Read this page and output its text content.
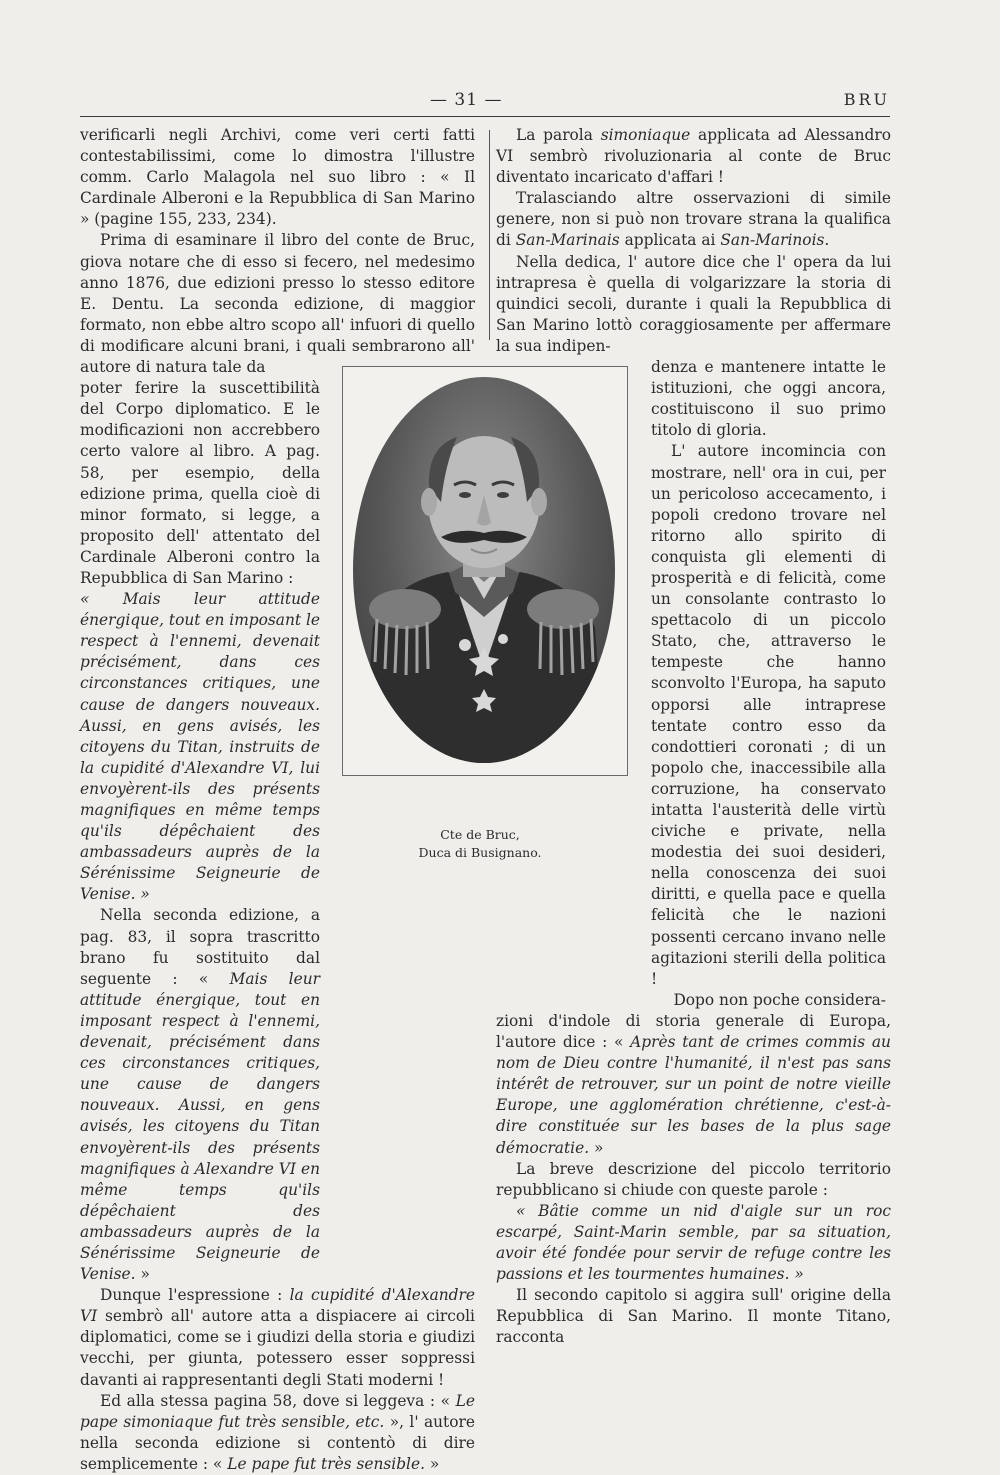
— 31 —	BRU

verificarli negli Archivi, come veri certi fatti contestabilissimi, come lo dimostra l'illustre comm. Carlo Malagola nel suo libro : « Il Cardinale Alberoni e la Repubblica di San Marino » (pagine 155, 233, 234).

Prima di esaminare il libro del conte de Bruc, giova notare che di esso si fecero, nel medesimo anno 1876, due edizioni presso lo stesso editore E. Dentu. La seconda edizione, di maggior formato, non ebbe altro scopo all' infuori di quello di modificare alcuni brani, i quali sembrarono all' autore di natura tale da

poter ferire la suscettibilità del Corpo diplomatico. E le modificazioni non accrebbero certo valore al libro. A pag. 58, per esempio, della edizione prima, quella cioè di minor formato, si legge, a proposito dell' attentato del Cardinale Alberoni contro la Repubblica di San Marino :

« Mais leur attitude énergique, tout en imposant le respect à l'ennemi, devenait précisément, dans ces circonstances critiques, une cause de dangers nouveaux. Aussi, en gens avisés, les citoyens du Titan, instruits de la cupidité d'Alexandre VI, lui envoyèrent-ils des présents magnifiques en même temps qu'ils dépêchaient des ambassadeurs auprès de la Sérénissime Seigneurie de Venise. »

Nella seconda edizione, a pag. 83, il sopra trascritto brano fu sostituito dal seguente : « Mais leur attitude énergique, tout en imposant respect à l'ennemi, devenait, précisément dans ces circonstances critiques, une cause de dangers nouveaux. Aussi, en gens avisés, les citoyens du Titan envoyèrent-ils des présents magnifiques à Alexandre VI en même temps qu'ils dépêchaient des ambassadeurs auprès de la Sénérissime Seigneurie de Venise. »

Dunque l'espressione : la cupidité d'Alexandre VI sembrò all' autore atta a dispiacere ai circoli diplomatici, come se i giudizi della storia e giudizi vecchi, per giunta, potessero esser soppressi davanti ai rappresentanti degli Stati moderni !

Ed alla stessa pagina 58, dove si leggeva : « Le pape simoniaque fut très sensible, etc. », l' autore nella seconda edizione si contentò di dire semplicemente : « Le pape fut très sensible. »

Cte de Bruc,
Duca di Busignano.

La parola simoniaque applicata ad Alessandro VI sembrò rivoluzionaria al conte de Bruc diventato incaricato d'affari !

Tralasciando altre osservazioni di simile genere, non si può non trovare strana la qualifica di San-Marinais applicata ai San-Marinois.

Nella dedica, l' autore dice che l' opera da lui intrapresa è quella di volgarizzare la storia di quindici secoli, durante i quali la Repubblica di San Marino lottò coraggiosamente per affermare la sua indipen-

denza e mantenere intatte le istituzioni, che oggi ancora, costituiscono il suo primo titolo di gloria.

L' autore incomincia con mostrare, nell' ora in cui, per un pericoloso accecamento, i popoli credono trovare nel ritorno allo spirito di conquista gli elementi di prosperità e di felicità, come un consolante contrasto lo spettacolo di un piccolo Stato, che, attraverso le tempeste che hanno sconvolto l'Europa, ha saputo opporsi alle intraprese tentate contro esso da condottieri coronati ; di un popolo che, inaccessibile alla corruzione, ha conservato intatta l'austerità delle virtù civiche e private, nella modestia dei suoi desideri, nella conoscenza dei suoi diritti, e quella pace e quella felicità che le nazioni possenti cercano invano nelle agitazioni sterili della politica !

Dopo non poche considera-

zioni d'indole di storia generale di Europa, l'autore dice : « Après tant de crimes commis au nom de Dieu contre l'humanité, il n'est pas sans intérêt de retrouver, sur un point de notre vieille Europe, une agglomération chrétienne, c'est-à-dire constituée sur les bases de la plus sage démocratie. »

La breve descrizione del piccolo territorio repubblicano si chiude con queste parole :

« Bâtie comme un nid d'aigle sur un roc escarpé, Saint-Marin semble, par sa situation, avoir été fondée pour servir de refuge contre les passions et les tourmentes humaines. »

Il secondo capitolo si aggira sull' origine della Repubblica di San Marino. Il monte Titano, racconta
